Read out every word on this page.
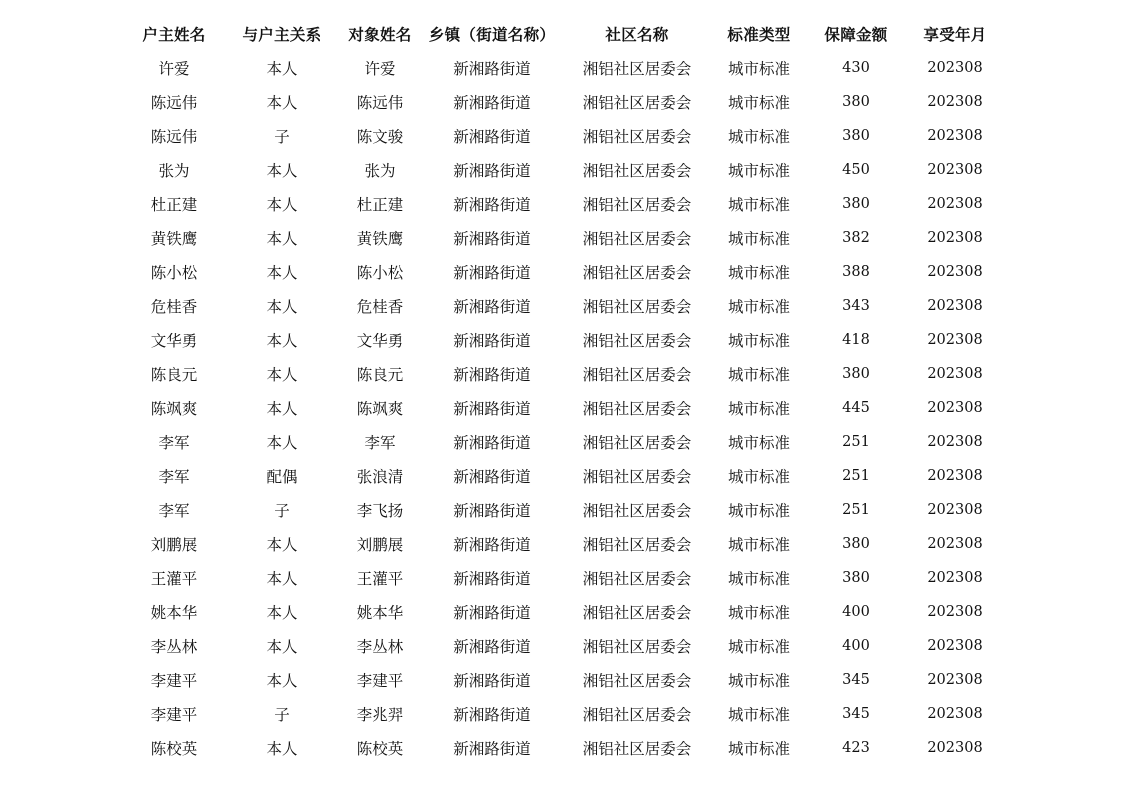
户主姓名	与户主关系	对象姓名	乡镇（街道名称）	社区名称	标准类型	保障金额	享受年月
许爱	本人	许爱	新湘路街道	湘铝社区居委会	城市标准	430	202308
陈远伟	本人	陈远伟	新湘路街道	湘铝社区居委会	城市标准	380	202308
陈远伟	子	陈文骏	新湘路街道	湘铝社区居委会	城市标准	380	202308
张为	本人	张为	新湘路街道	湘铝社区居委会	城市标准	450	202308
杜正建	本人	杜正建	新湘路街道	湘铝社区居委会	城市标准	380	202308
黄铁鹰	本人	黄铁鹰	新湘路街道	湘铝社区居委会	城市标准	382	202308
陈小松	本人	陈小松	新湘路街道	湘铝社区居委会	城市标准	388	202308
危桂香	本人	危桂香	新湘路街道	湘铝社区居委会	城市标准	343	202308
文华勇	本人	文华勇	新湘路街道	湘铝社区居委会	城市标准	418	202308
陈良元	本人	陈良元	新湘路街道	湘铝社区居委会	城市标准	380	202308
陈飒爽	本人	陈飒爽	新湘路街道	湘铝社区居委会	城市标准	445	202308
李军	本人	李军	新湘路街道	湘铝社区居委会	城市标准	251	202308
李军	配偶	张浪清	新湘路街道	湘铝社区居委会	城市标准	251	202308
李军	子	李飞扬	新湘路街道	湘铝社区居委会	城市标准	251	202308
刘鹏展	本人	刘鹏展	新湘路街道	湘铝社区居委会	城市标准	380	202308
王灌平	本人	王灌平	新湘路街道	湘铝社区居委会	城市标准	380	202308
姚本华	本人	姚本华	新湘路街道	湘铝社区居委会	城市标准	400	202308
李丛林	本人	李丛林	新湘路街道	湘铝社区居委会	城市标准	400	202308
李建平	本人	李建平	新湘路街道	湘铝社区居委会	城市标准	345	202308
李建平	子	李兆羿	新湘路街道	湘铝社区居委会	城市标准	345	202308
陈校英	本人	陈校英	新湘路街道	湘铝社区居委会	城市标准	423	202308
